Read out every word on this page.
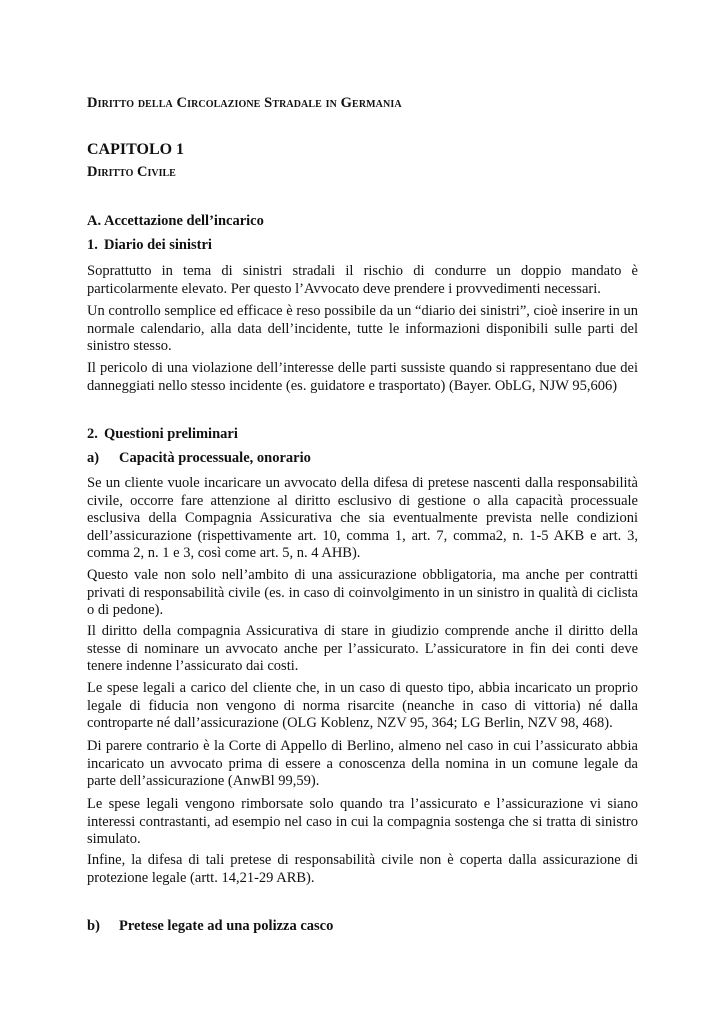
Diritto della Circolazione Stradale in Germania
CAPITOLO 1
Diritto Civile
A. Accettazione dell’incarico
1. Diario dei sinistri
Soprattutto in tema di sinistri stradali il rischio di condurre un doppio mandato è particolarmente elevato. Per questo l’Avvocato deve prendere i provvedimenti necessari.
Un controllo semplice ed efficace è reso possibile da un “diario dei sinistri”, cioè inserire in un normale calendario, alla data dell’incidente, tutte le informazioni disponibili sulle parti del sinistro stesso.
Il pericolo di una violazione dell’interesse delle parti sussiste quando si rappresentano due dei danneggiati nello stesso incidente (es. guidatore e trasportato) (Bayer. ObLG, NJW 95,606)
2. Questioni preliminari
a) Capacità processuale, onorario
Se un cliente vuole incaricare un avvocato della difesa di pretese nascenti dalla responsabilità civile, occorre fare attenzione al diritto esclusivo di gestione o alla capacità processuale esclusiva della Compagnia Assicurativa che sia eventualmente prevista nelle condizioni dell’assicurazione (rispettivamente art. 10, comma 1, art. 7, comma2, n. 1-5 AKB e art. 3, comma 2, n. 1 e 3, così come art. 5, n. 4 AHB).
Questo vale non solo nell’ambito di una assicurazione obbligatoria, ma anche per contratti privati di responsabilità civile (es. in caso di coinvolgimento in un sinistro in qualità di ciclista o di pedone).
Il diritto della compagnia Assicurativa di stare in giudizio comprende anche il diritto della stesse di nominare un avvocato anche per l’assicurato. L’assicuratore in fin dei conti deve tenere indenne l’assicurato dai costi.
Le spese legali a carico del cliente che, in un caso di questo tipo, abbia incaricato un proprio legale di fiducia non vengono di norma risarcite (neanche in caso di vittoria) né dalla controparte né dall’assicurazione (OLG Koblenz, NZV 95, 364; LG Berlin, NZV 98, 468).
Di parere contrario è la Corte di Appello di Berlino, almeno nel caso in cui l’assicurato abbia incaricato un avvocato prima di essere a conoscenza della nomina in un comune legale da parte dell’assicurazione (AnwBl 99,59).
Le spese legali vengono rimborsate solo quando tra l’assicurato e l’assicurazione vi siano interessi contrastanti, ad esempio nel caso in cui la compagnia sostenga che si tratta di sinistro simulato.
Infine, la difesa di tali pretese di responsabilità civile non è coperta dalla assicurazione di protezione legale (artt. 14,21-29 ARB).
b) Pretese legate ad una polizza casco
